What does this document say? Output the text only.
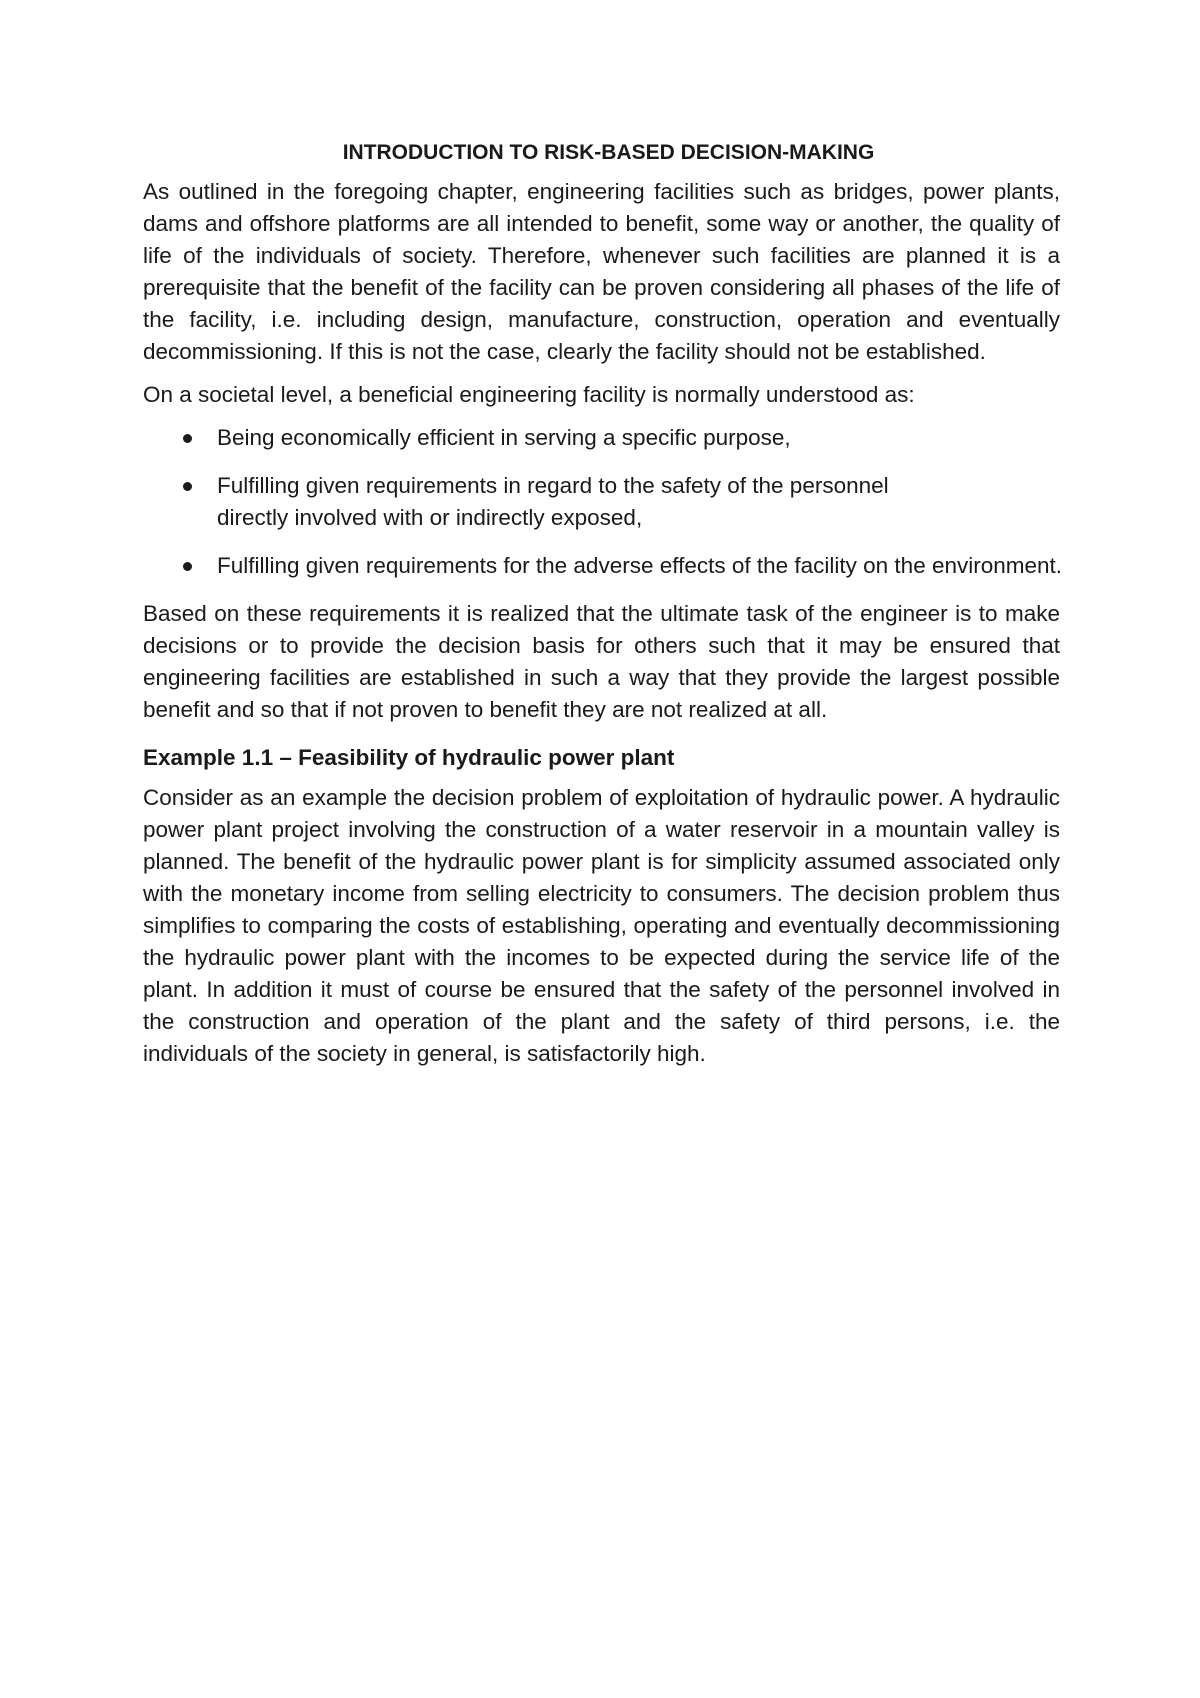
INTRODUCTION TO RISK-BASED DECISION-MAKING

As outlined in the foregoing chapter, engineering facilities such as bridges, power plants, dams and offshore platforms are all intended to benefit, some way or another, the quality of life of the individuals of society. Therefore, whenever such facilities are planned it is a prerequisite that the benefit of the facility can be proven considering all phases of the life of the facility, i.e. including design, manufacture, construction, operation and eventually decommissioning. If this is not the case, clearly the facility should not be established.

On a societal level, a beneficial engineering facility is normally understood as:

Being economically efficient in serving a specific purpose,
Fulfilling given requirements in regard to the safety of the personnel
directly involved with or indirectly exposed,
Fulfilling given requirements for the adverse effects of the facility on the environment.

Based on these requirements it is realized that the ultimate task of the engineer is to make decisions or to provide the decision basis for others such that it may be ensured that engineering facilities are established in such a way that they provide the largest possible benefit and so that if not proven to benefit they are not realized at all.

Example 1.1 – Feasibility of hydraulic power plant

Consider as an example the decision problem of exploitation of hydraulic power. A hydraulic power plant project involving the construction of a water reservoir in a mountain valley is planned. The benefit of the hydraulic power plant is for simplicity assumed associated only with the monetary income from selling electricity to consumers. The decision problem thus simplifies to comparing the costs of establishing, operating and eventually decommissioning the hydraulic power plant with the incomes to be expected during the service life of the plant. In addition it must of course be ensured that the safety of the personnel involved in the construction and operation of the plant and the safety of third persons, i.e. the individuals of the society in general, is satisfactorily high.
